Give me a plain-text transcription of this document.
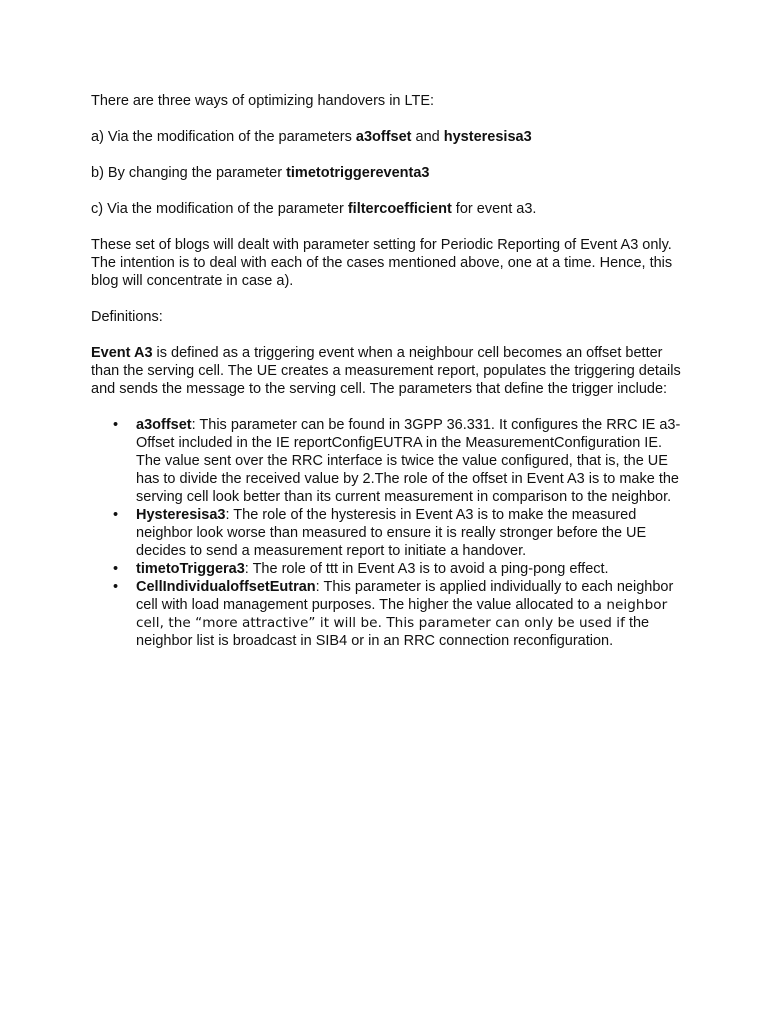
There are three ways of optimizing handovers in LTE:

a) Via the modification of the parameters a3offset and hysteresisa3

b) By changing the parameter timetotriggereventa3

c) Via the modification of the parameter filtercoefficient for event a3.

These set of blogs will dealt with parameter setting for Periodic Reporting of Event A3 only. The intention is to deal with each of the cases mentioned above, one at a time. Hence, this blog will concentrate in case a).

Definitions:

Event A3 is defined as a triggering event when a neighbour cell becomes an offset better than the serving cell. The UE creates a measurement report, populates the triggering details and sends the message to the serving cell. The parameters that define the trigger include:

• a3offset: This parameter can be found in 3GPP 36.331. It configures the RRC IE a3-Offset included in the IE reportConfigEUTRA in the MeasurementConfiguration IE. The value sent over the RRC interface is twice the value configured, that is, the UE has to divide the received value by 2.The role of the offset in Event A3 is to make the serving cell look better than its current measurement in comparison to the neighbor.
• Hysteresisa3: The role of the hysteresis in Event A3 is to make the measured neighbor look worse than measured to ensure it is really stronger before the UE decides to send a measurement report to initiate a handover.
• timetoTriggera3: The role of ttt in Event A3 is to avoid a ping-pong effect.
• CellIndividualoffsetEutran: This parameter is applied individually to each neighbor cell with load management purposes. The higher the value allocated to a neighbor cell, the “more attractive” it will be. This parameter can only be used if the neighbor list is broadcast in SIB4 or in an RRC connection reconfiguration.
